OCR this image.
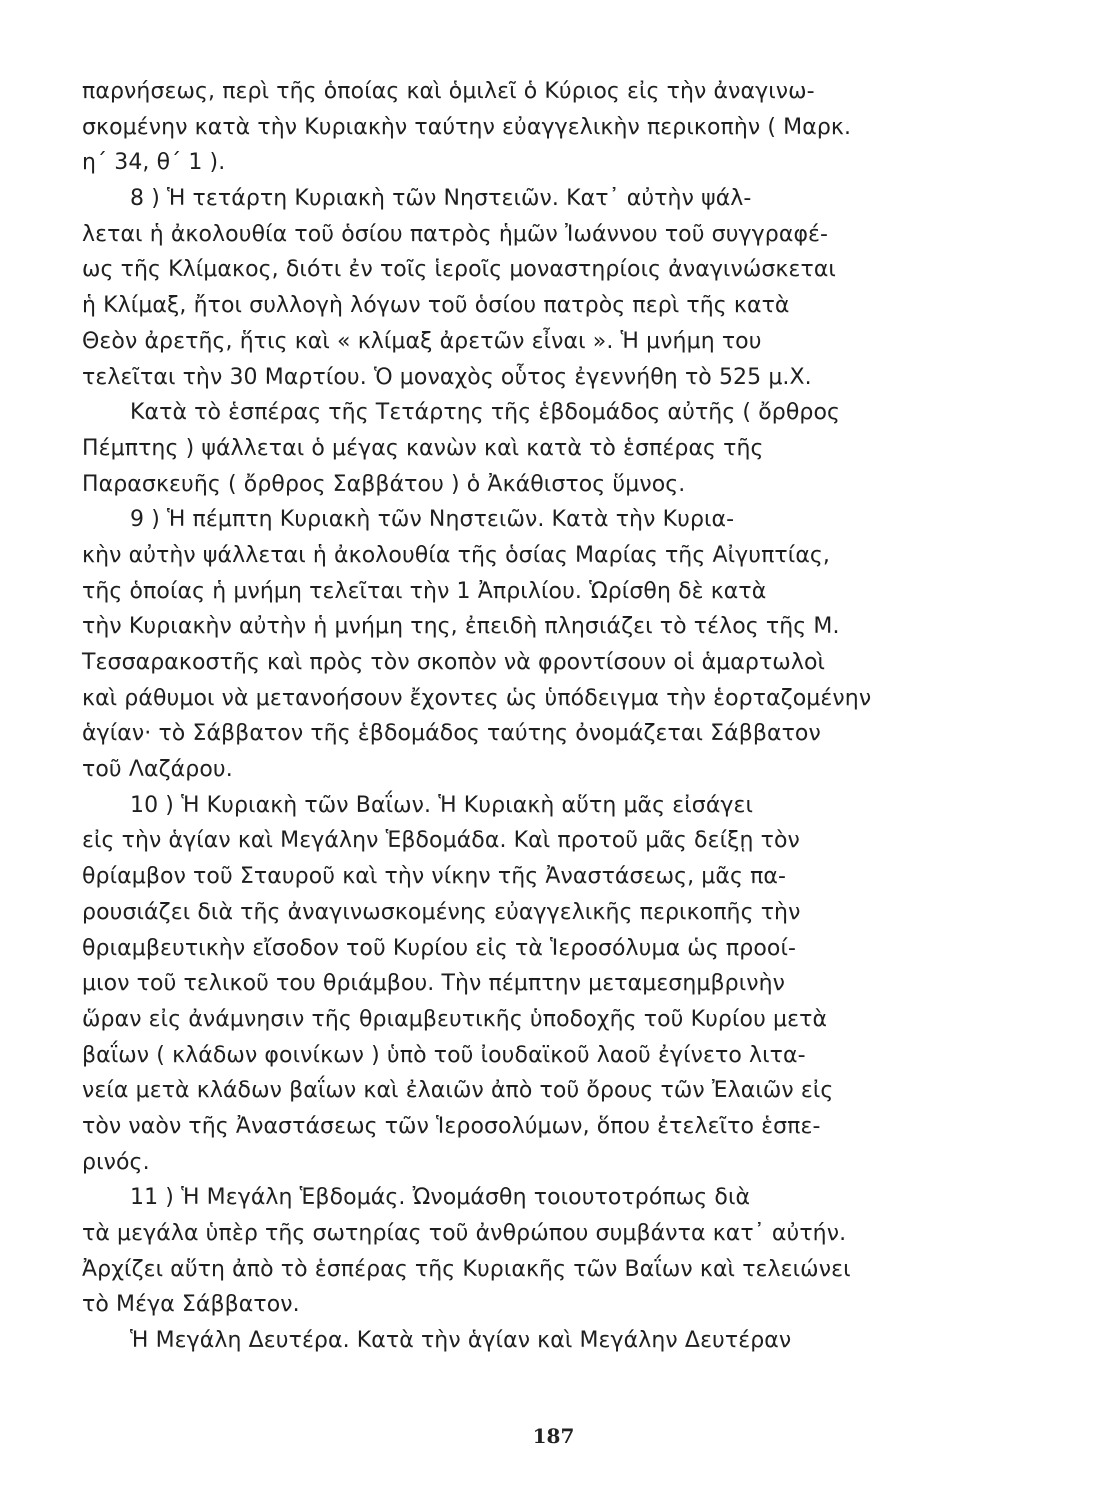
παρνήσεως, περὶ τῆς ὁποίας καὶ ὁμιλεῖ ὁ Κύριος εἰς τὴν ἀναγινω-
σκομένην κατὰ τὴν Κυριακὴν ταύτην εὐαγγελικὴν περικοπὴν ( Μαρκ.
η΄ 34, θ΄ 1 ).
8 ) Ἡ τετάρτη Κυριακὴ τῶν Νηστειῶν. Κατ᾽ αὐτὴν ψάλ-
λεται ἡ ἀκολουθία τοῦ ὁσίου πατρὸς ἡμῶν Ἰωάννου τοῦ συγγραφέ-
ως τῆς Κλίμακος, διότι ἐν τοῖς ἱεροῖς μοναστηρίοις ἀναγινώσκεται
ἡ Κλίμαξ, ἤτοι συλλογὴ λόγων τοῦ ὁσίου πατρὸς περὶ τῆς κατὰ
Θεὸν ἀρετῆς, ἥτις καὶ « κλίμαξ ἀρετῶν εἶναι ». Ἡ μνήμη του
τελεῖται τὴν 30 Μαρτίου. Ὁ μοναχὸς οὗτος ἐγεννήθη τὸ 525 μ.Χ.
Κατὰ τὸ ἑσπέρας τῆς Τετάρτης τῆς ἑβδομάδος αὐτῆς ( ὄρθρος
Πέμπτης ) ψάλλεται ὁ μέγας κανὼν καὶ κατὰ τὸ ἑσπέρας τῆς
Παρασκευῆς ( ὄρθρος Σαββάτου ) ὁ Ἀκάθιστος ὕμνος.
9 ) Ἡ πέμπτη Κυριακὴ τῶν Νηστειῶν. Κατὰ τὴν Κυρια-
κὴν αὐτὴν ψάλλεται ἡ ἀκολουθία τῆς ὁσίας Μαρίας τῆς Αἰγυπτίας,
τῆς ὁποίας ἡ μνήμη τελεῖται τὴν 1 Ἀπριλίου. Ὡρίσθη δὲ κατὰ
τὴν Κυριακὴν αὐτὴν ἡ μνήμη της, ἐπειδὴ πλησιάζει τὸ τέλος τῆς Μ.
Τεσσαρακοστῆς καὶ πρὸς τὸν σκοπὸν νὰ φροντίσουν οἱ ἁμαρτωλοὶ
καὶ ράθυμοι νὰ μετανοήσουν ἔχοντες ὡς ὑπόδειγμα τὴν ἑορταζομένην
ἁγίαν· τὸ Σάββατον τῆς ἑβδομάδος ταύτης ὀνομάζεται Σάββατον
τοῦ Λαζάρου.
10 ) Ἡ Κυριακὴ τῶν Βαΐων. Ἡ Κυριακὴ αὕτη μᾶς εἰσάγει
εἰς τὴν ἁγίαν καὶ Μεγάλην Ἑβδομάδα. Καὶ προτοῦ μᾶς δείξῃ τὸν
θρίαμβον τοῦ Σταυροῦ καὶ τὴν νίκην τῆς Ἀναστάσεως, μᾶς πα-
ρουσιάζει διὰ τῆς ἀναγινωσκομένης εὐαγγελικῆς περικοπῆς τὴν
θριαμβευτικὴν εἴσοδον τοῦ Κυρίου εἰς τὰ Ἱεροσόλυμα ὡς προοί-
μιον τοῦ τελικοῦ του θριάμβου. Τὴν πέμπτην μεταμεσημβρινὴν
ὥραν εἰς ἀνάμνησιν τῆς θριαμβευτικῆς ὑποδοχῆς τοῦ Κυρίου μετὰ
βαΐων ( κλάδων φοινίκων ) ὑπὸ τοῦ ἰουδαϊκοῦ λαοῦ ἐγίνετο λιτα-
νεία μετὰ κλάδων βαΐων καὶ ἐλαιῶν ἀπὸ τοῦ ὄρους τῶν Ἐλαιῶν εἰς
τὸν ναὸν τῆς Ἀναστάσεως τῶν Ἱεροσολύμων, ὅπου ἐτελεῖτο ἑσπε-
ρινός.
11 ) Ἡ Μεγάλη Ἑβδομάς. Ὠνομάσθη τοιουτοτρόπως διὰ
τὰ μεγάλα ὑπὲρ τῆς σωτηρίας τοῦ ἀνθρώπου συμβάντα κατ᾽ αὐτήν.
Ἀρχίζει αὕτη ἀπὸ τὸ ἑσπέρας τῆς Κυριακῆς τῶν Βαΐων καὶ τελειώνει
τὸ Μέγα Σάββατον.
Ἡ Μεγάλη Δευτέρα. Κατὰ τὴν ἁγίαν καὶ Μεγάλην Δευτέραν
187
